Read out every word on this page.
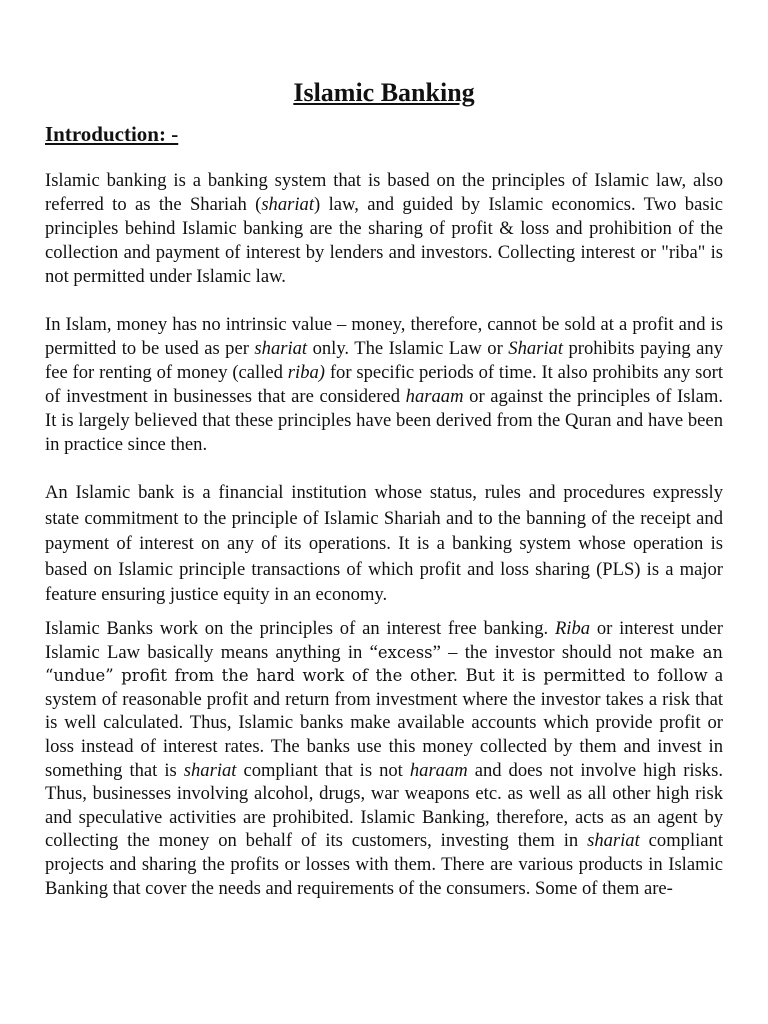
Islamic Banking
Introduction: -

Islamic banking is a banking system that is based on the principles of Islamic law, also referred to as the Shariah (shariat) law, and guided by Islamic economics. Two basic principles behind Islamic banking are the sharing of profit & loss and prohibition of the collection and payment of interest by lenders and investors. Collecting interest or "riba" is not permitted under Islamic law.

In Islam, money has no intrinsic value – money, therefore, cannot be sold at a profit and is permitted to be used as per shariat only. The Islamic Law or Shariat prohibits paying any fee for renting of money (called riba) for specific periods of time. It also prohibits any sort of investment in businesses that are considered haraam or against the principles of Islam. It is largely believed that these principles have been derived from the Quran and have been in practice since then.

An Islamic bank is a financial institution whose status, rules and procedures expressly state commitment to the principle of Islamic Shariah and to the banning of the receipt and payment of interest on any of its operations. It is a banking system whose operation is based on Islamic principle transactions of which profit and loss sharing (PLS) is a major feature ensuring justice equity in an economy.

Islamic Banks work on the principles of an interest free banking. Riba or interest under Islamic Law basically means anything in “excess” – the investor should not make an “undue” profit from the hard work of the other. But it is permitted to follow a system of reasonable profit and return from investment where the investor takes a risk that is well calculated. Thus, Islamic banks make available accounts which provide profit or loss instead of interest rates. The banks use this money collected by them and invest in something that is shariat compliant that is not haraam and does not involve high risks. Thus, businesses involving alcohol, drugs, war weapons etc. as well as all other high risk and speculative activities are prohibited. Islamic Banking, therefore, acts as an agent by collecting the money on behalf of its customers, investing them in shariat compliant projects and sharing the profits or losses with them. There are various products in Islamic Banking that cover the needs and requirements of the consumers. Some of them are-
